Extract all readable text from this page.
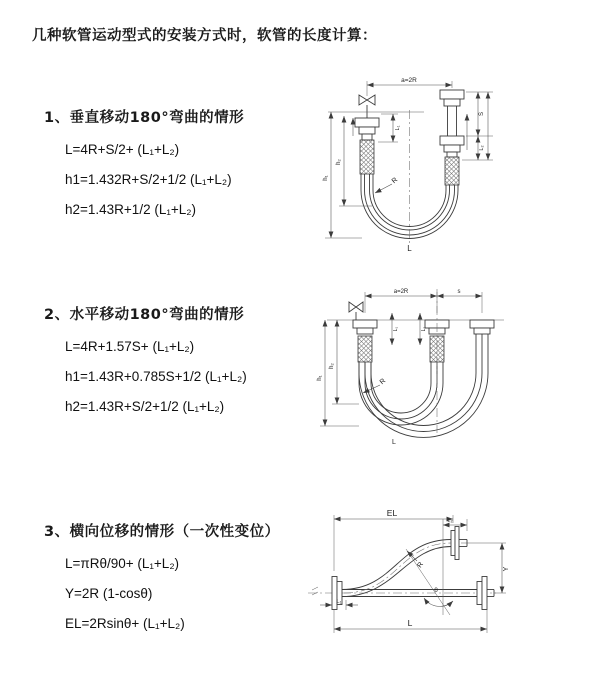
几种软管运动型式的安装方式时，软管的长度计算：
1、垂直移动180°弯曲的情形
L=4R+S/2+ (L₁+L₂)
h1=1.432R+S/2+1/2 (L₁+L₂)
h2=1.43R+1/2 (L₁+L₂)
a=2R
L₁
S
L₂
h₁
h₂
R
L
2、水平移动180°弯曲的情形
L=4R+1.57S+ (L₁+L₂)
h1=1.43R+0.785S+1/2 (L₁+L₂)
h2=1.43R+S/2+1/2 (L₁+L₂)
a=2R	s
L₁	L₂
h₁
h₂
R
L
3、横向位移的情形（一次性变位）
L=πRθ/90+ (L₁+L₂)
Y=2R (1-cosθ)
EL=2Rsinθ+ (L₁+L₂)
EL
L₂
Y
R
θ
L₁
L
